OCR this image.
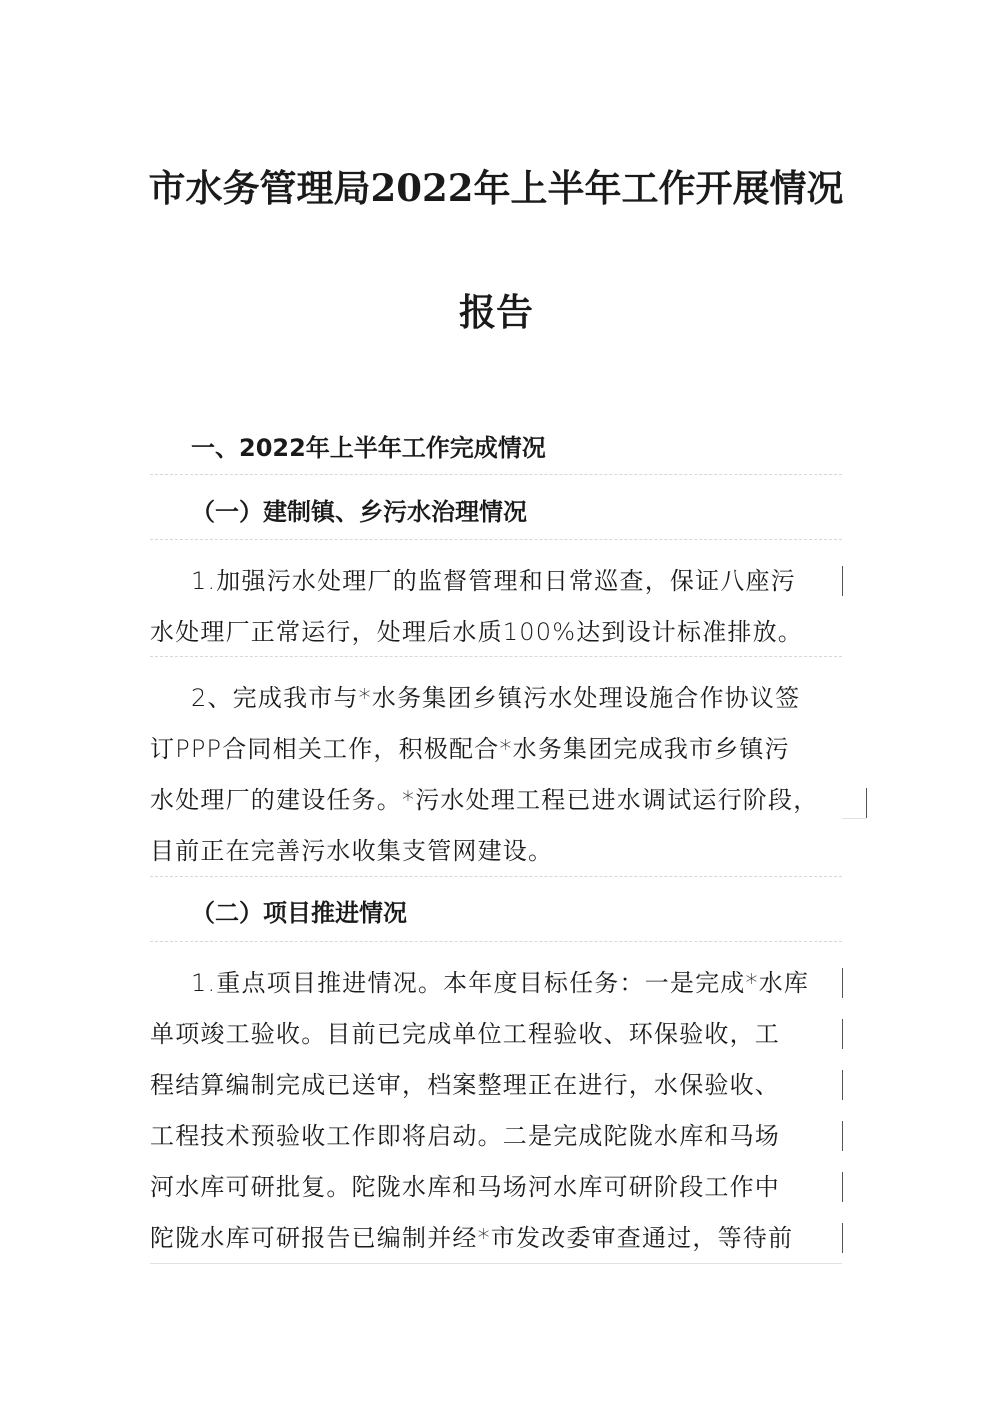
市水务管理局2022年上半年工作开展情况
报告
一、2022年上半年工作完成情况
（一）建制镇、乡污水治理情况
1.加强污水处理厂的监督管理和日常巡查，保证八座污
水处理厂正常运行，处理后水质100%达到设计标准排放。
2、完成我市与*水务集团乡镇污水处理设施合作协议签
订PPP合同相关工作，积极配合*水务集团完成我市乡镇污
水处理厂的建设任务。*污水处理工程已进水调试运行阶段，
目前正在完善污水收集支管网建设。
（二）项目推进情况
1.重点项目推进情况。本年度目标任务：一是完成*水库
单项竣工验收。目前已完成单位工程验收、环保验收，工
程结算编制完成已送审，档案整理正在进行，水保验收、
工程技术预验收工作即将启动。二是完成陀陇水库和马场
河水库可研批复。陀陇水库和马场河水库可研阶段工作中
陀陇水库可研报告已编制并经*市发改委审查通过，等待前
